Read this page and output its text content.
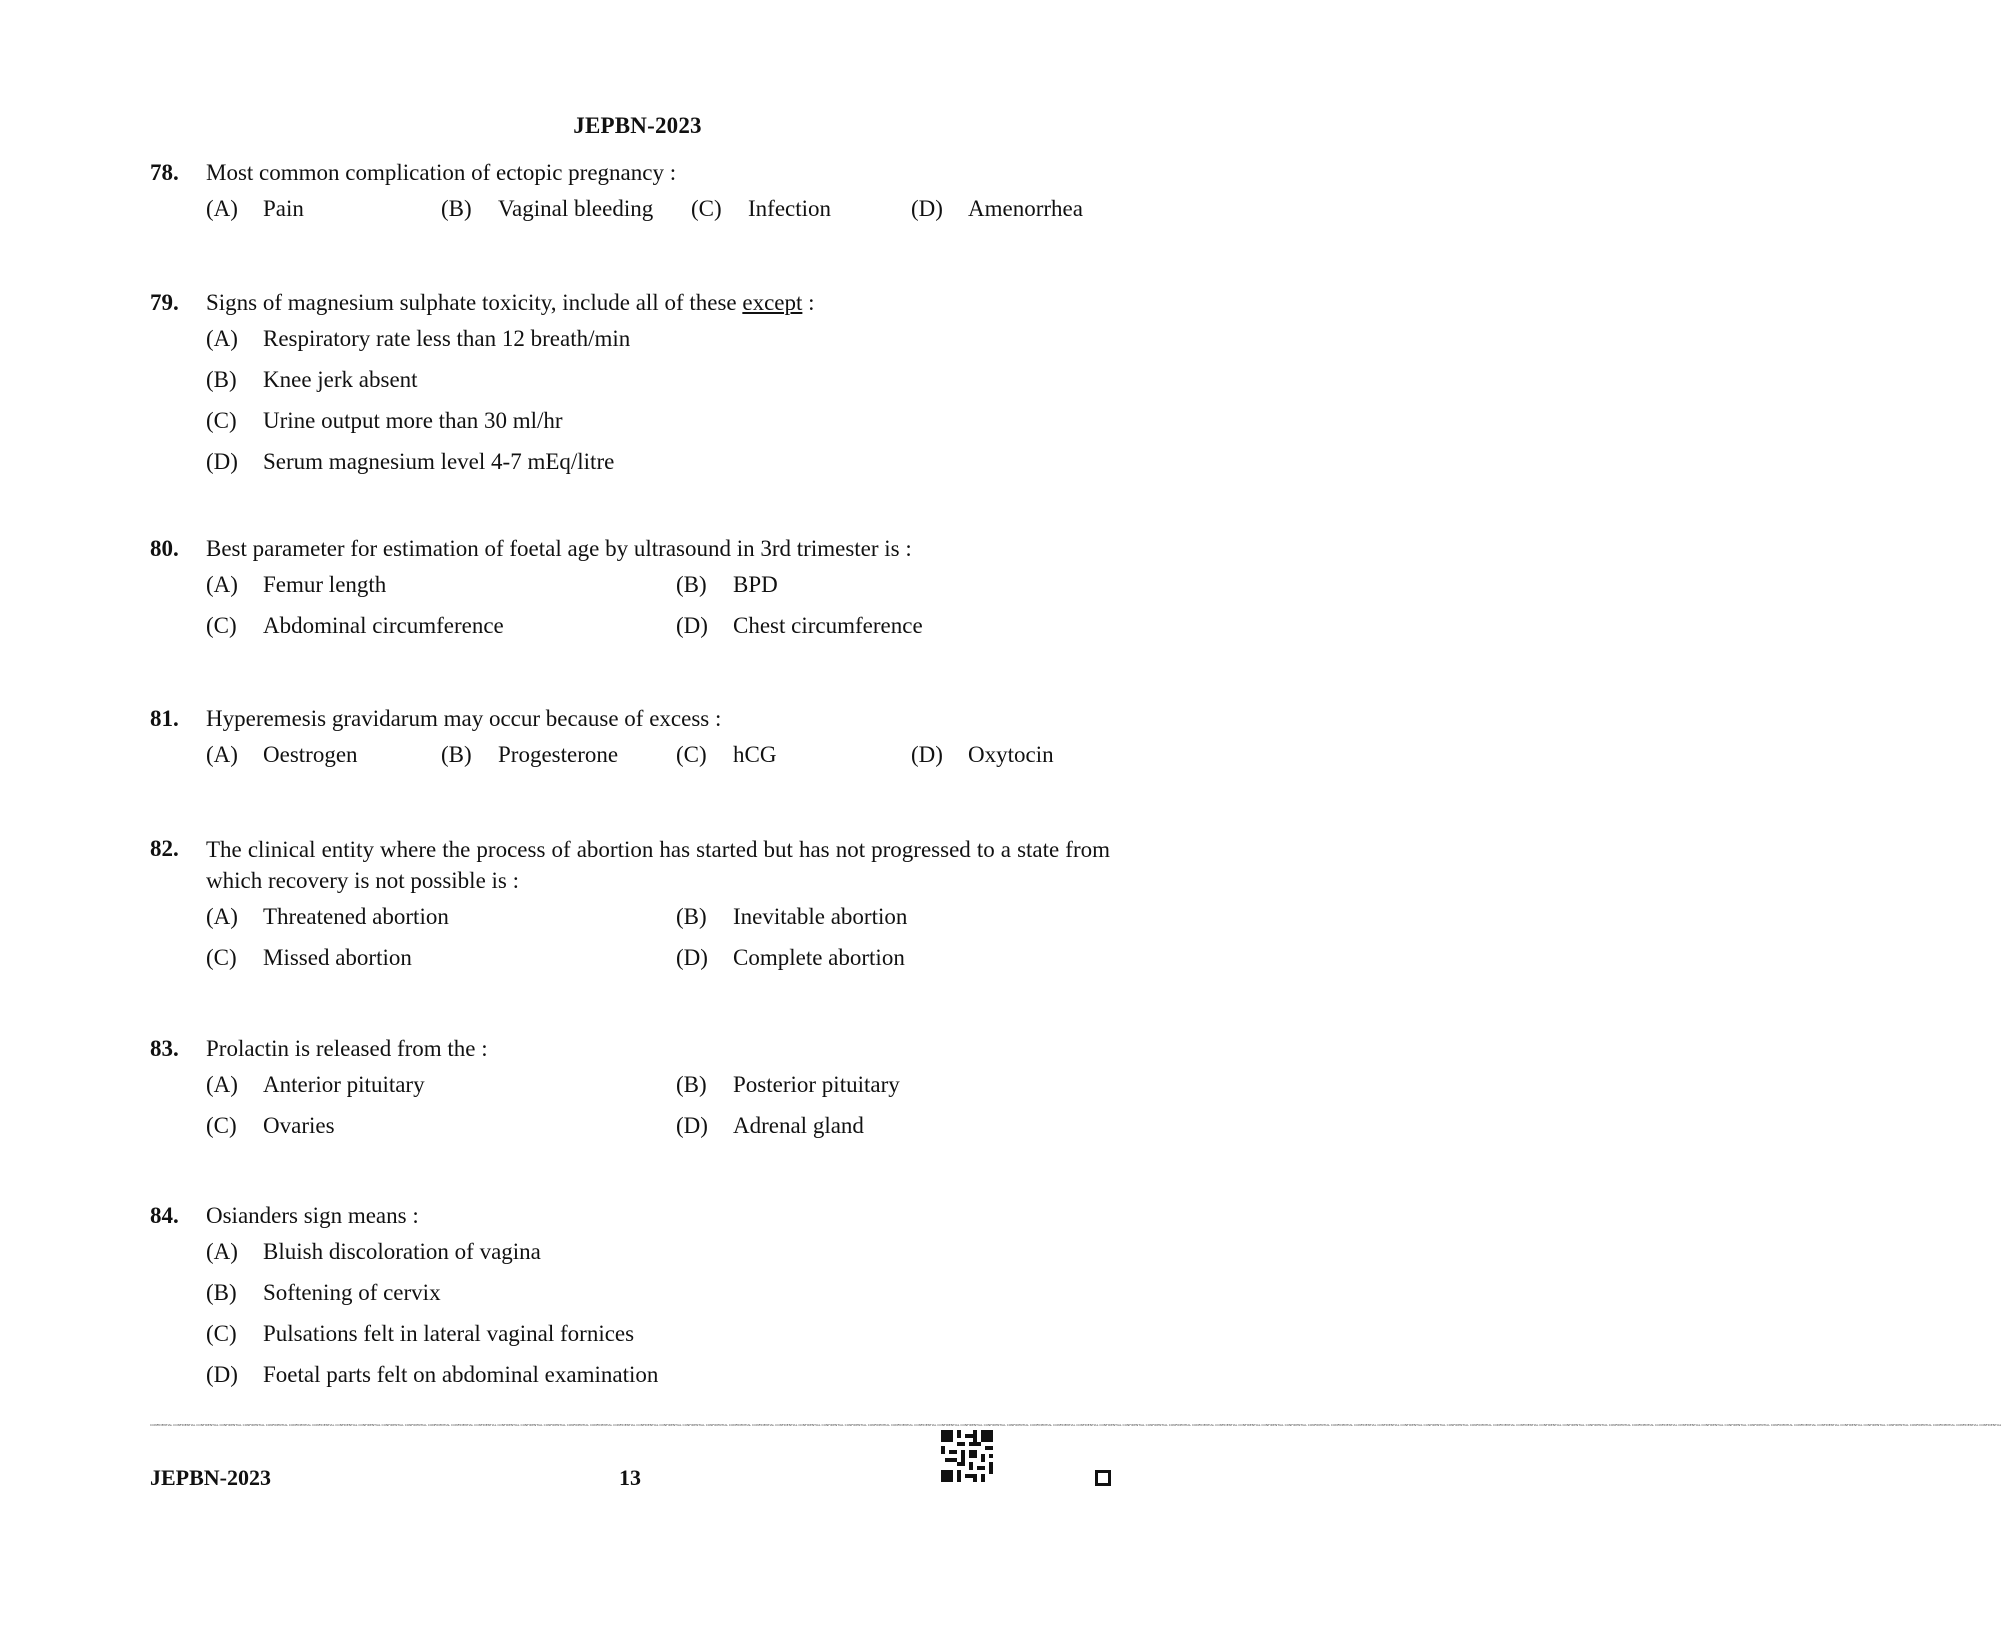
JEPBN-2023
78.	Most common complication of ectopic pregnancy :
(A)	Pain	(B)	Vaginal bleeding (C)	Infection	(D)	Amenorrhea
79.	Signs of magnesium sulphate toxicity, include all of these except :
(A)	Respiratory rate less than 12 breath/min
(B)	Knee jerk absent
(C)	Urine output more than 30 ml/hr
(D)	Serum magnesium level 4-7 mEq/litre
80.	Best parameter for estimation of foetal age by ultrasound in 3rd trimester is :
(A)	Femur length	(B)	BPD
(C)	Abdominal circumference	(D)	Chest circumference
81.	Hyperemesis gravidarum may occur because of excess :
(A)	Oestrogen	(B)	Progesterone	(C)	hCG	(D)	Oxytocin
82.	The clinical entity where the process of abortion has started but has not progressed to a state from which recovery is not possible is :
(A)	Threatened abortion	(B)	Inevitable abortion
(C)	Missed abortion	(D)	Complete abortion
83.	Prolactin is released from the :
(A)	Anterior pituitary	(B)	Posterior pituitary
(C)	Ovaries	(D)	Adrenal gland
84.	Osianders sign means :
(A)	Bluish discoloration of vagina
(B)	Softening of cervix
(C)	Pulsations felt in lateral vaginal fornices
(D)	Foetal parts felt on abdominal examination
CONFIDENTIAL CONFIDENTIAL CONFIDENTIAL CONFIDENTIAL CONFIDENTIAL CONFIDENTIAL CONFIDENTIAL CONFIDENTIAL CONFIDENTIAL CONFIDENTIAL CONFIDENTIAL CONFIDENTIAL CONFIDENTIAL CONFIDENTIAL CONFIDENTIAL CONFIDENTIAL CONFIDENTIAL CONFIDENTIAL CONFIDENTIAL CONFIDENTIAL CONFIDENTIAL CONFIDENTIAL CONFIDENTIAL CONFIDENTIAL CONFIDENTIAL CONFIDENTIAL CONFIDENTIAL CONFIDENTIAL CONFIDENTIAL CONFIDENTIAL CONFIDENTIAL CONFIDENTIAL CONFIDENTIAL CONFIDENTIAL CONFIDENTIAL CONFIDENTIAL CONFIDENTIAL CONFIDENTIAL CONFIDENTIAL CONFIDENTIAL CONFIDENTIAL CONFIDENTIAL CONFIDENTIAL CONFIDENTIAL CONFIDENTIAL CONFIDENTIAL CONFIDENTIAL CONFIDENTIAL CONFIDENTIAL CONFIDENTIAL CONFIDENTIAL CONFIDENTIAL CONFIDENTIAL CONFIDENTIAL CONFIDENTIAL CONFIDENTIAL CONFIDENTIAL CONFIDENTIAL CONFIDENTIAL CONFIDENTIAL CONFIDENTIAL CONFIDENTIAL CONFIDENTIAL CONFIDENTIAL CONFIDENTIAL CONFIDENTIAL CONFIDENTIAL CONFIDENTIAL CONFIDENTIAL CONFIDENTIAL CONFIDENTIAL CONFIDENTIAL CONFIDENTIAL CONFIDENTIAL CONFIDENTIAL CONFIDENTIAL CONFIDENTIAL CONFIDENTIAL CONFIDENTIAL CONFIDENTIAL
JEPBN-2023	13
